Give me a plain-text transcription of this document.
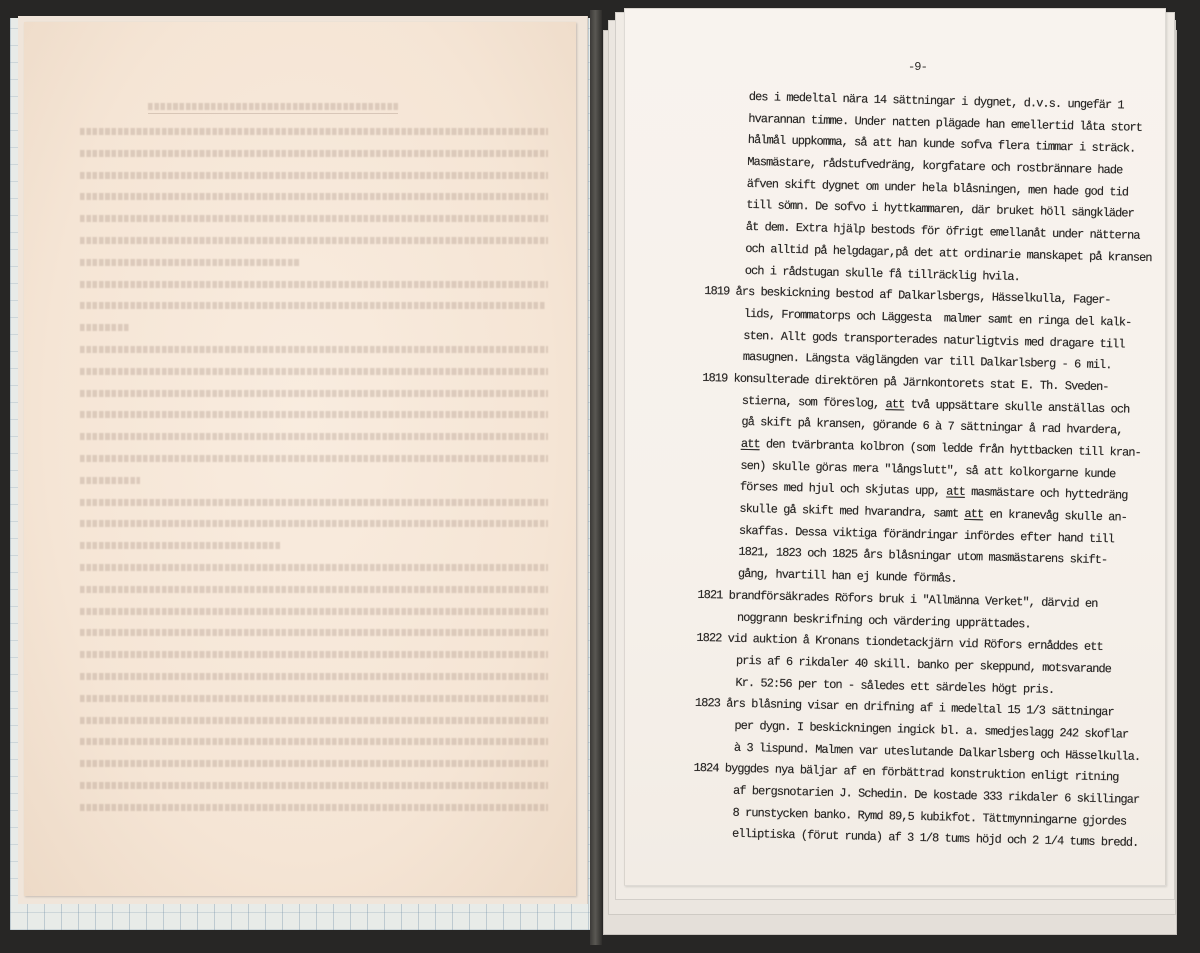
-9-
des i medeltal nära 14 sättningar i dygnet, d.v.s. ungefär 1
hvarannan timme. Under natten plägade han emellertid låta stort
hålmål uppkomma, så att han kunde sofva flera timmar i sträck.
Masmästare, rådstufvedräng, korgfatare och rostbrännare hade
äfven skift dygnet om under hela blåsningen, men hade god tid
till sömn. De sofvo i hyttkammaren, där bruket höll sängkläder
åt dem. Extra hjälp bestods för öfrigt emellanåt under nätterna
och alltid på helgdagar,på det att ordinarie manskapet på kransen
och i rådstugan skulle få tillräcklig hvila.
1819 års beskickning bestod af Dalkarlsbergs, Hässelkulla, Fager-
lids, Frommatorps och Läggesta  malmer samt en ringa del kalk-
sten. Allt gods transporterades naturligtvis med dragare till
masugnen. Längsta väglängden var till Dalkarlsberg - 6 mil.
1819 konsulterade direktören på Järnkontorets stat E. Th. Sveden-
stierna, som föreslog, att två uppsättare skulle anställas och
gå skift på kransen, görande 6 à 7 sättningar å rad hvardera,
att den tvärbranta kolbron (som ledde från hyttbacken till kran-
sen) skulle göras mera "långslutt", så att kolkorgarne kunde
förses med hjul och skjutas upp, att masmästare och hyttedräng
skulle gå skift med hvarandra, samt att en kranevåg skulle an-
skaffas. Dessa viktiga förändringar infördes efter hand till
1821, 1823 och 1825 års blåsningar utom masmästarens skift-
gång, hvartill han ej kunde förmås.
1821 brandförsäkrades Röfors bruk i "Allmänna Verket", därvid en
noggrann beskrifning och värdering upprättades.
1822 vid auktion å Kronans tiondetackjärn vid Röfors ernåddes ett
pris af 6 rikdaler 40 skill. banko per skeppund, motsvarande
Kr. 52:56 per ton - således ett särdeles högt pris.
1823 års blåsning visar en drifning af i medeltal 15 1/3 sättningar
per dygn. I beskickningen ingick bl. a. smedjeslagg 242 skoflar
à 3 lispund. Malmen var uteslutande Dalkarlsberg och Hässelkulla.
1824 byggdes nya bäljar af en förbättrad konstruktion enligt ritning
af bergsnotarien J. Schedin. De kostade 333 rikdaler 6 skillingar
8 runstycken banko. Rymd 89,5 kubikfot. Tättmynningarne gjordes
elliptiska (förut runda) af 3 1/8 tums höjd och 2 1/4 tums bredd.
